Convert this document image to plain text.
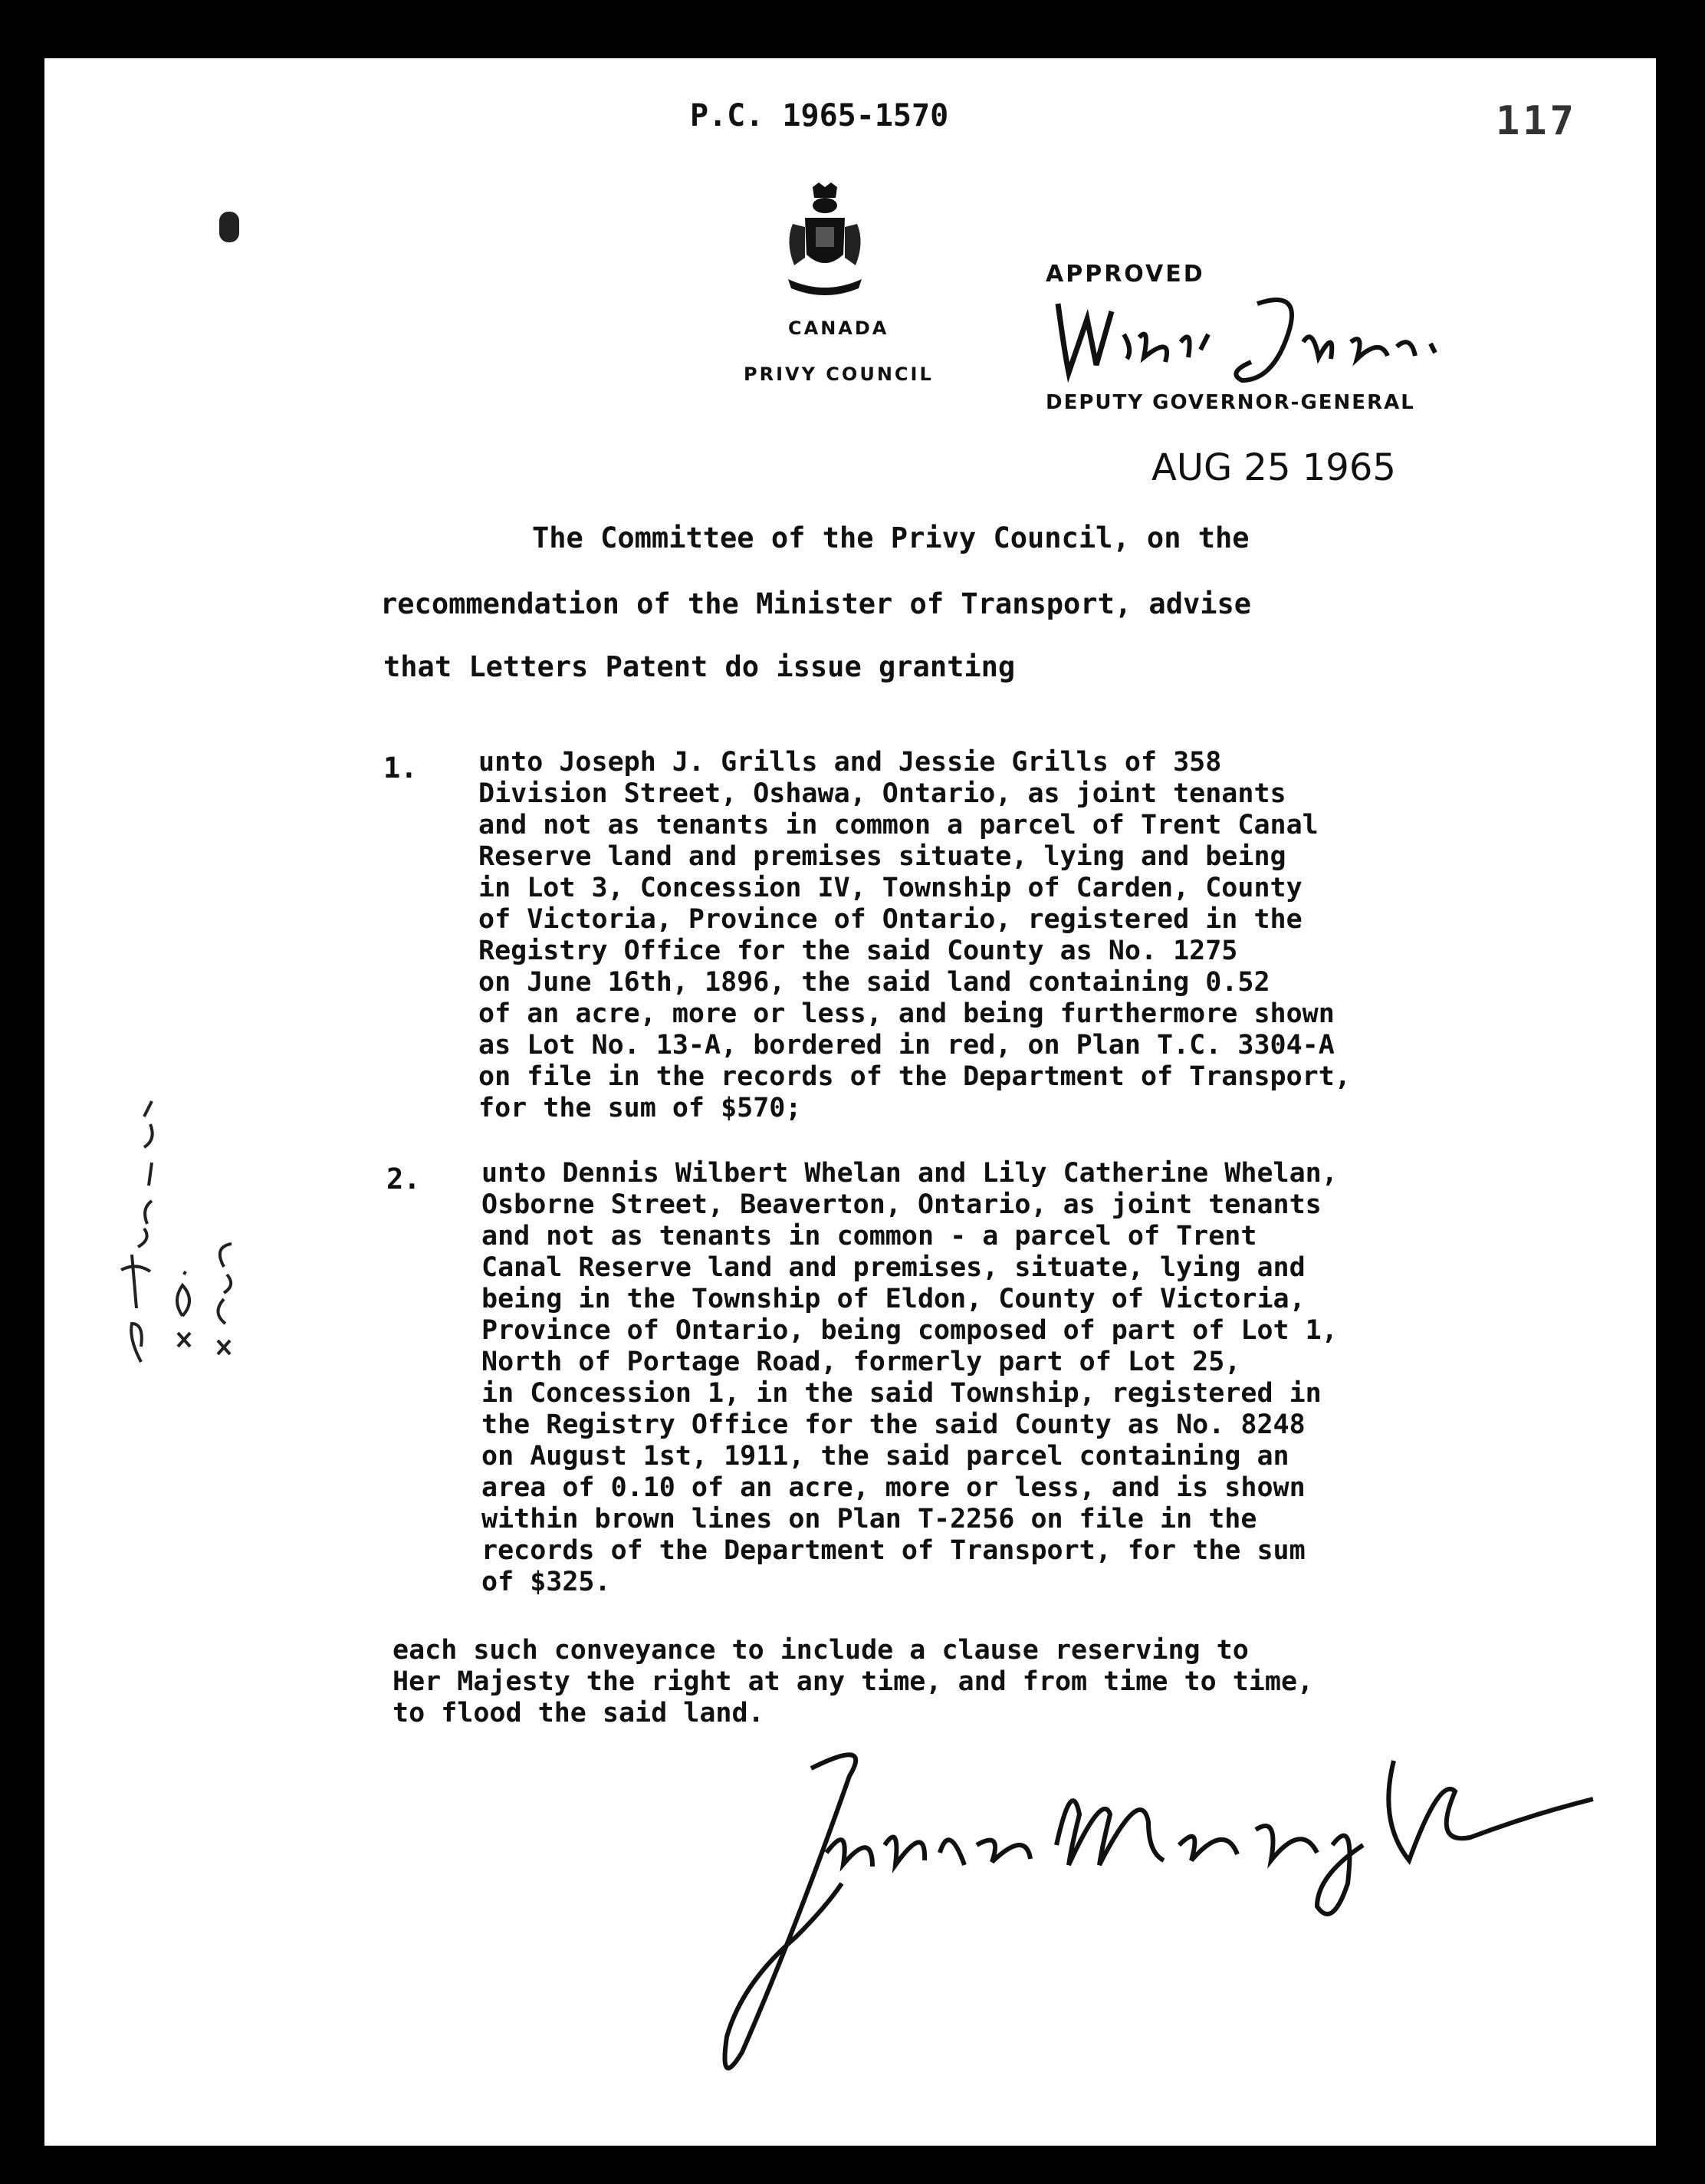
P.C. 1965-1570	117
CANADA
PRIVY COUNCIL
APPROVED
DEPUTY GOVERNOR-GENERAL
AUG 25 1965
The Committee of the Privy Council, on the
recommendation of the Minister of Transport, advise
that Letters Patent do issue granting
1. unto Joseph J. Grills and Jessie Grills of 358
Division Street, Oshawa, Ontario, as joint tenants
and not as tenants in common a parcel of Trent Canal
Reserve land and premises situate, lying and being
in Lot 3, Concession IV, Township of Carden, County
of Victoria, Province of Ontario, registered in the
Registry Office for the said County as No. 1275
on June 16th, 1896, the said land containing 0.52
of an acre, more or less, and being furthermore shown
as Lot No. 13-A, bordered in red, on Plan T.C. 3304-A
on file in the records of the Department of Transport,
for the sum of $570;
2. unto Dennis Wilbert Whelan and Lily Catherine Whelan,
Osborne Street, Beaverton, Ontario, as joint tenants
and not as tenants in common - a parcel of Trent
Canal Reserve land and premises, situate, lying and
being in the Township of Eldon, County of Victoria,
Province of Ontario, being composed of part of Lot 1,
North of Portage Road, formerly part of Lot 25,
in Concession 1, in the said Township, registered in
the Registry Office for the said County as No. 8248
on August 1st, 1911, the said parcel containing an
area of 0.10 of an acre, more or less, and is shown
within brown lines on Plan T-2256 on file in the
records of the Department of Transport, for the sum
of $325.
each such conveyance to include a clause reserving to
Her Majesty the right at any time, and from time to time,
to flood the said land.
